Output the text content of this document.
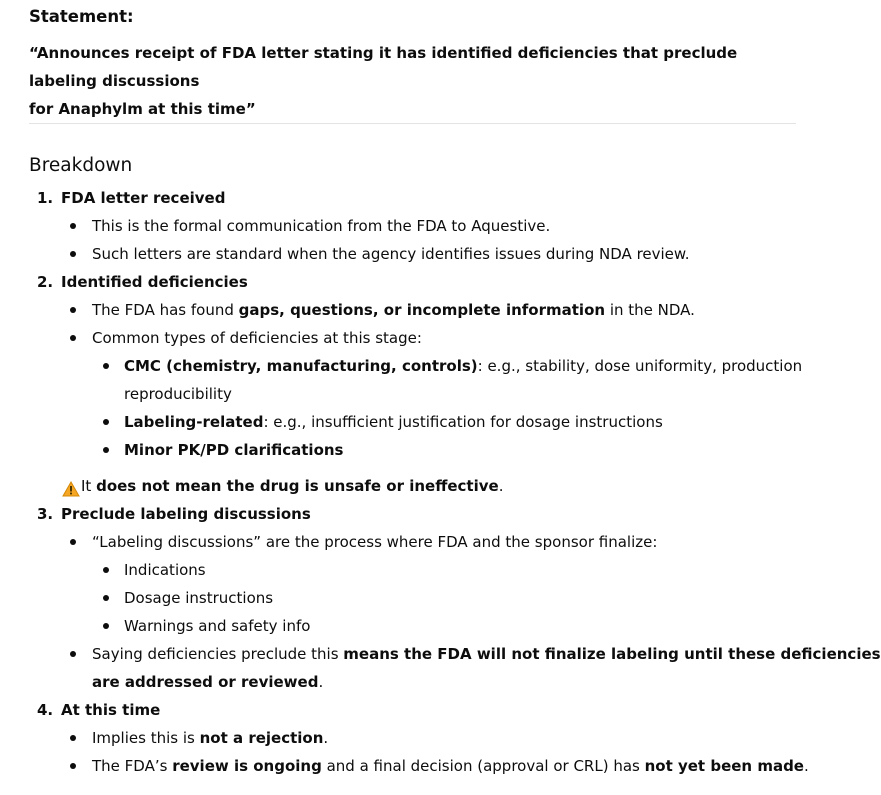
Statement:
“Announces receipt of FDA letter stating it has identified deficiencies that preclude labeling discussions
for Anaphylm at this time”
Breakdown
1. FDA letter received
This is the formal communication from the FDA to Aquestive.
Such letters are standard when the agency identifies issues during NDA review.
2. Identified deficiencies
The FDA has found gaps, questions, or incomplete information in the NDA.
Common types of deficiencies at this stage:
CMC (chemistry, manufacturing, controls): e.g., stability, dose uniformity, production
reproducibility
Labeling-related: e.g., insufficient justification for dosage instructions
Minor PK/PD clarifications
It does not mean the drug is unsafe or ineffective.
3. Preclude labeling discussions
“Labeling discussions” are the process where FDA and the sponsor finalize:
Indications
Dosage instructions
Warnings and safety info
Saying deficiencies preclude this means the FDA will not finalize labeling until these deficiencies
are addressed or reviewed.
4. At this time
Implies this is not a rejection.
The FDA’s review is ongoing and a final decision (approval or CRL) has not yet been made.
